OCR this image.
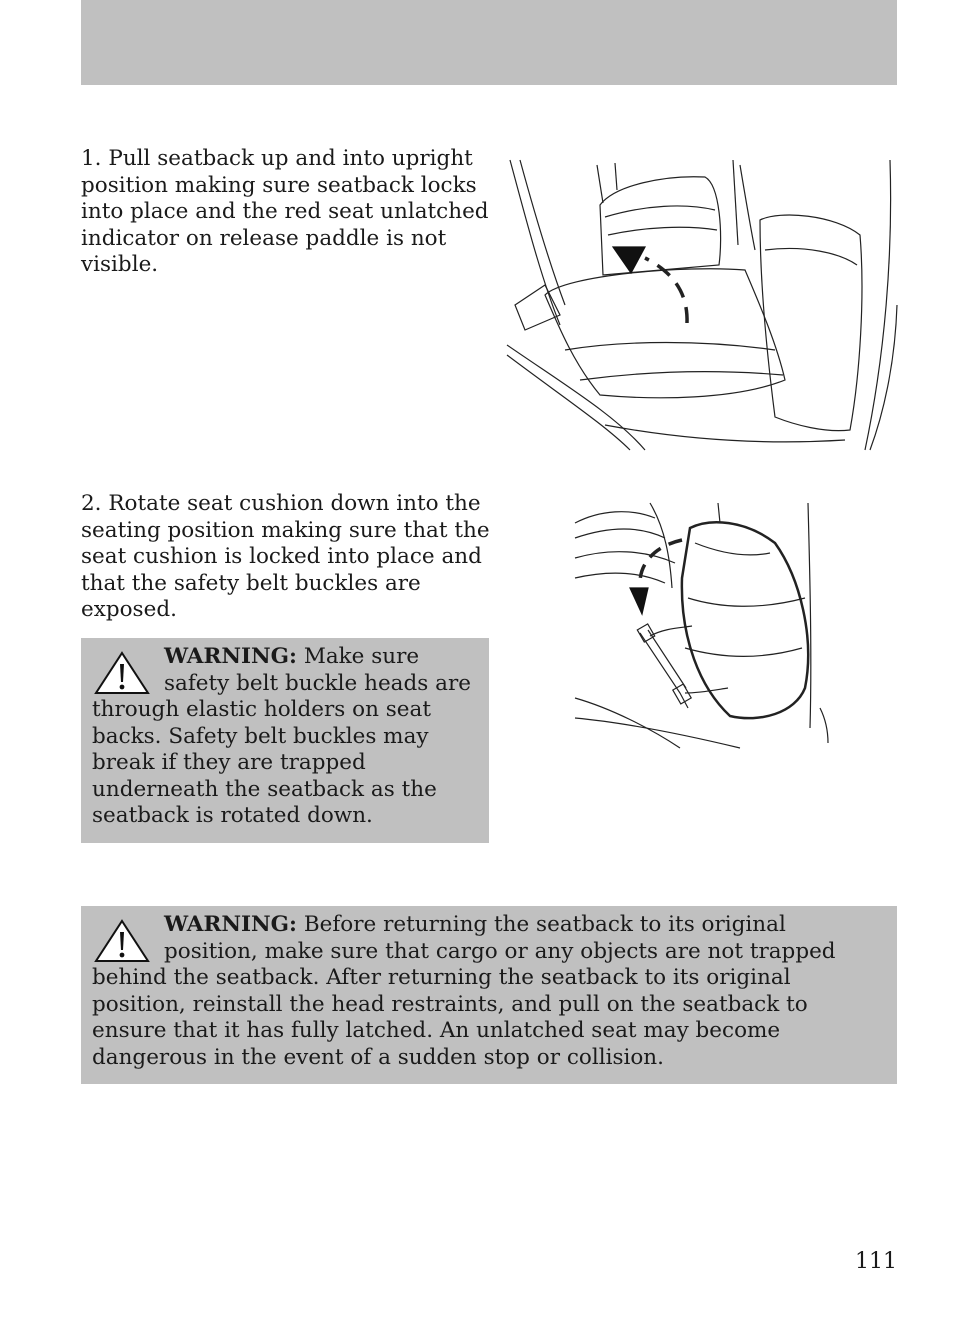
1. Pull seatback up and into upright position making sure seatback locks into place and the red seat unlatched indicator on release paddle is not visible.

2. Rotate seat cushion down into the seating position making sure that the seat cushion is locked into place and that the safety belt buckles are exposed.

WARNING: Make sure safety belt buckle heads are through elastic holders on seat backs. Safety belt buckles may break if they are trapped underneath the seatback as the seatback is rotated down.
WARNING: Before returning the seatback to its original position, make sure that cargo or any objects are not trapped behind the seatback. After returning the seatback to its original position, reinstall the head restraints, and pull on the seatback to ensure that it has fully latched. An unlatched seat may become dangerous in the event of a sudden stop or collision.
111
